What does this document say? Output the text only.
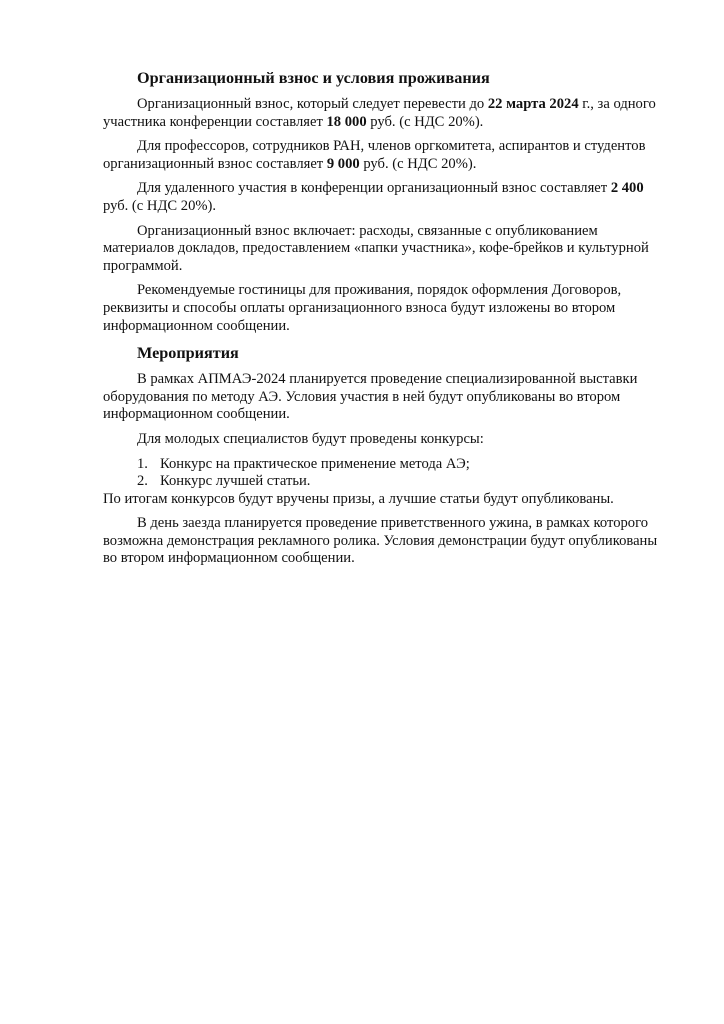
Организационный взнос и условия проживания

Организационный взнос, который следует перевести до 22 марта 2024 г., за одного участника конференции составляет 18 000 руб. (с НДС 20%).

Для профессоров, сотрудников РАН, членов оргкомитета, аспирантов и студентов организационный взнос составляет 9 000 руб. (с НДС 20%).

Для удаленного участия в конференции организационный взнос составляет 2 400 руб. (с НДС 20%).

Организационный взнос включает: расходы, связанные с опубликованием материалов докладов, предоставлением «папки участника», кофе-брейков и культурной программой.

Рекомендуемые гостиницы для проживания, порядок оформления Договоров, реквизиты и способы оплаты организационного взноса будут изложены во втором информационном сообщении.

Мероприятия

В рамках АПМАЭ-2024 планируется проведение специализированной выставки оборудования по методу АЭ. Условия участия в ней будут опубликованы во втором информационном сообщении.

Для молодых специалистов будут проведены конкурсы:

1. Конкурс на практическое применение метода АЭ;
2. Конкурс лучшей статьи.

По итогам конкурсов будут вручены призы, а лучшие статьи будут опубликованы.

В день заезда планируется проведение приветственного ужина, в рамках которого возможна демонстрация рекламного ролика. Условия демонстрации будут опубликованы во втором информационном сообщении.
